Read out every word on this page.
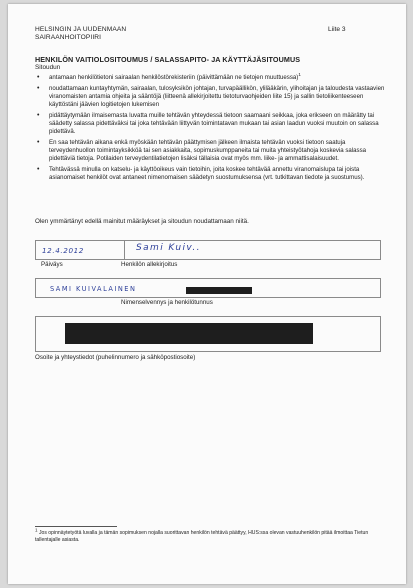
HELSINGIN JA UUDENMAAN
SAIRAANHOITOPIIRI
Liite 3
HENKILÖN VAITIOLOSITOUMUS / SALASSAPITO- JA KÄYTTÄJÄSITOUMUS
Sitoudun
• antamaan henkilötietoni sairaalan henkilöstörekisteriin (päivittämään ne tietojen muuttuessa)$^1$
• noudattamaan kuntayhtymän, sairaalan, tulosyksikön johtajan, turvapäällikön, ylilääkärin, ylihoitajan ja taloudesta vastaavien viranomaisten antamia ohjeita ja sääntöjä (liitteenä allekirjoitettu tietoturvaohjeiden liite 15) ja sallin tietoliikenteeseen käyttöstäni jäävien logitietojen lukemisen
• pidättäytymään ilmaisemasta luvatta muille tehtävän yhteydessä tietoon saamaani seikkaa, joka erikseen on määrätty tai säädetty salassa pidettäväksi tai joka tehtävään liittyvän toimintatavan mukaan tai asian laadun vuoksi muutoin on salassa pidettävä.
• En saa tehtävän aikana enkä myöskään tehtävän päättymisen jälkeen ilmaista tehtävän vuoksi tietoon saatuja terveydenhuollon toimintayksikköä tai sen asiakkaita, sopimuskumppaneita tai muita yhteistyötahoja koskevia salassa pidettäviä tietoja. Potilaiden terveydentilatietojen lisäksi tällaisia ovat myös mm. liike- ja ammattisalaisuudet.
• Tehtävässä minulla on katselu- ja käyttöoikeus vain tietoihin, joita koskee tehtävää annettu viranomaislupa tai joista asianomaiset henkilöt ovat antaneet nimenomaisen säädetyn suostumuksensa (vrt. tutkittavan tiedote ja suostumus).
Olen ymmärtänyt edellä mainitut määräykset ja sitoudun noudattamaan niitä.
12.4.2012	Sami Kuiv..
Päiväys	Henkilön allekirjoitus
SAMI KUIVALAINEN
Nimenselvennys ja henkilötunnus
Osoite ja yhteystiedot (puhelinnumero ja sähköpostiosoite)
1 Jos opinnäytetyötä luvalla ja tämän sopimuksen nojalla suorittavan henkilön tehtävä päättyy, HUS:ssa olevan vastuuhenkilön pitää ilmoittaa Tietun tallentajalle asiasta.
